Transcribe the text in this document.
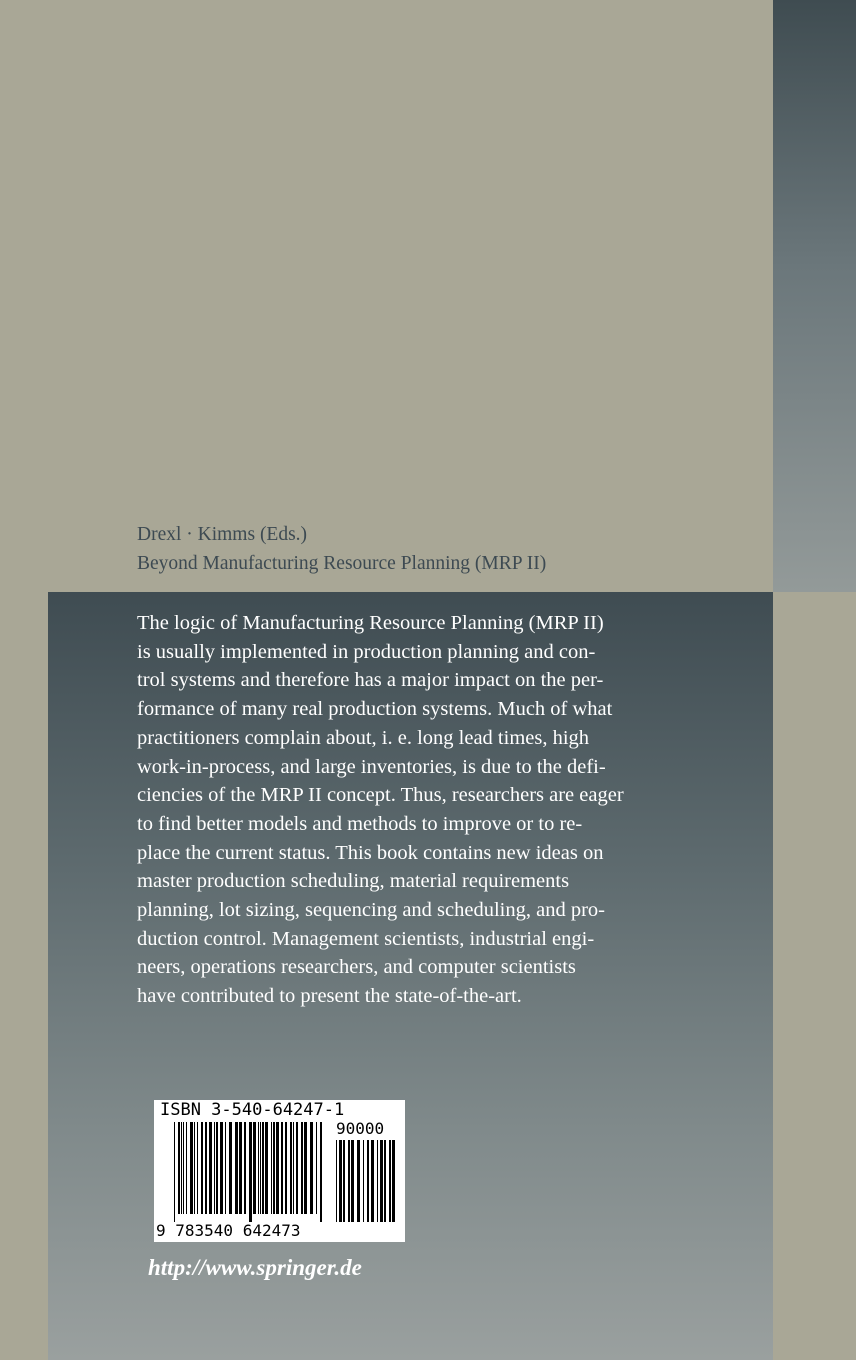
Drexl · Kimms (Eds.)
Beyond Manufacturing Resource Planning (MRP II)

The logic of Manufacturing Resource Planning (MRP II)
is usually implemented in production planning and con-
trol systems and therefore has a major impact on the per-
formance of many real production systems. Much of what
practitioners complain about, i. e. long lead times, high
work-in-process, and large inventories, is due to the defi-
ciencies of the MRP II concept. Thus, researchers are eager
to find better models and methods to improve or to re-
place the current status. This book contains new ideas on
master production scheduling, material requirements
planning, lot sizing, sequencing and scheduling, and pro-
duction control. Management scientists, industrial engi-
neers, operations researchers, and computer scientists
have contributed to present the state-of-the-art.

ISBN 3-540-64247-1
90000
9 783540 642473
http://www.springer.de
